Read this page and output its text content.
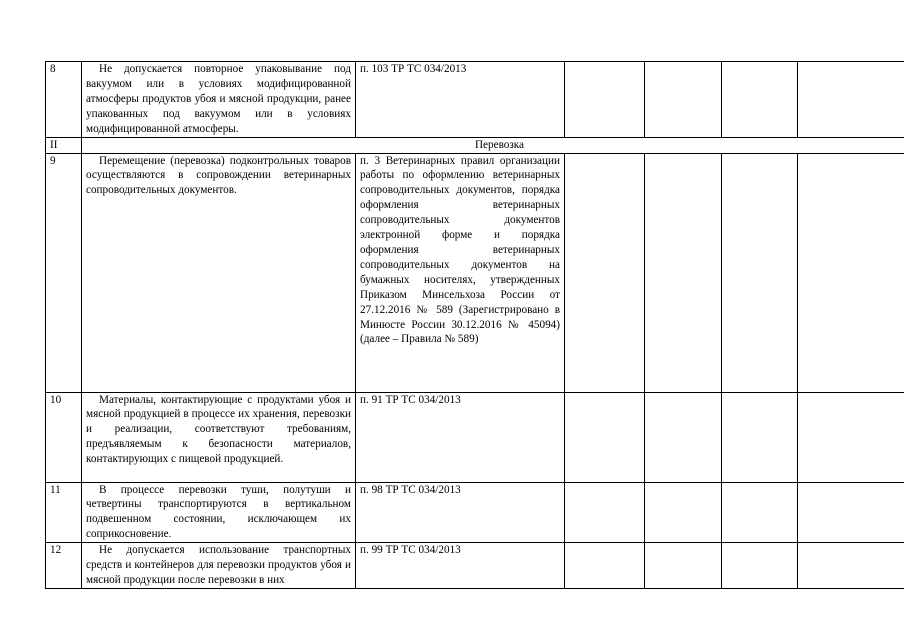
8	Не допускается повторное упаковывание под вакуумом или в условиях модифицированной атмосферы продуктов убоя и мясной продукции, ранее упакованных под вакуумом или в условиях модифицированной атмосферы.	п. 103 ТР ТС 034/2013				
II	Перевозка					
9	Перемещение (перевозка) подконтрольных товаров осуществляются в сопровождении ветеринарных сопроводительных документов.	п. 3 Ветеринарных правил организации работы по оформлению ветеринарных сопроводительных документов, порядка оформления ветеринарных сопроводительных документов электронной форме и порядка оформления ветеринарных сопроводительных документов на бумажных носителях, утвержденных Приказом Минсельхоза России от 27.12.2016 № 589 (Зарегистрировано в Минюсте России 30.12.2016 № 45094) (далее – Правила № 589)				
10	Материалы, контактирующие с продуктами убоя и мясной продукцией в процессе их хранения, перевозки и реализации, соответствуют требованиям, предъявляемым к безопасности материалов, контактирующих с пищевой продукцией.	п. 91 ТР ТС 034/2013				
11	В процессе перевозки туши, полутуши и четвертины транспортируются в вертикальном подвешенном состоянии, исключающем их соприкосновение.	п. 98 ТР ТС 034/2013				
12	Не допускается использование транспортных средств и контейнеров для перевозки продуктов убоя и мясной продукции после перевозки в них	п. 99 ТР ТС 034/2013				
